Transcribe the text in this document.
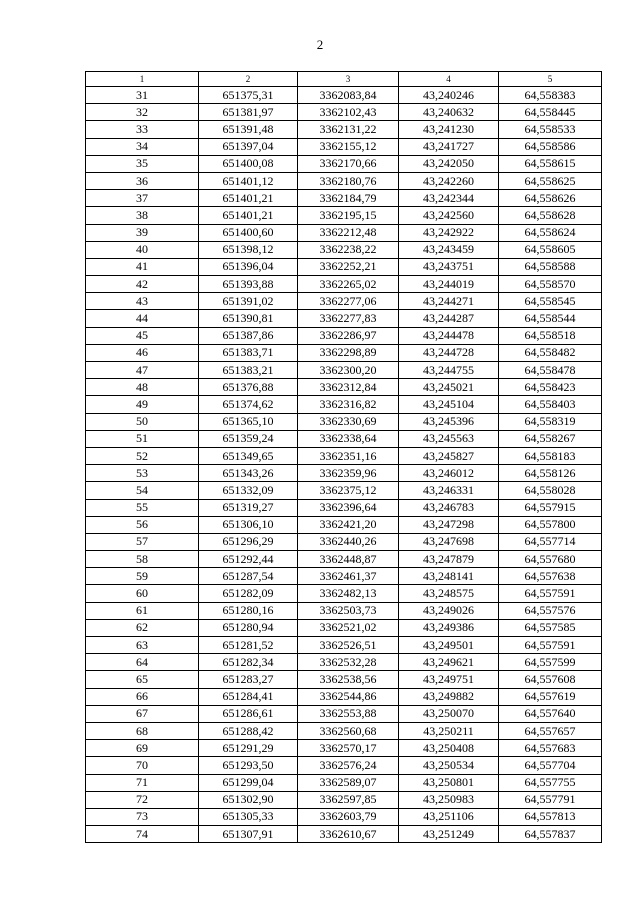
2
1	2	3	4	5
31	651375,31	3362083,84	43,240246	64,558383
32	651381,97	3362102,43	43,240632	64,558445
33	651391,48	3362131,22	43,241230	64,558533
34	651397,04	3362155,12	43,241727	64,558586
35	651400,08	3362170,66	43,242050	64,558615
36	651401,12	3362180,76	43,242260	64,558625
37	651401,21	3362184,79	43,242344	64,558626
38	651401,21	3362195,15	43,242560	64,558628
39	651400,60	3362212,48	43,242922	64,558624
40	651398,12	3362238,22	43,243459	64,558605
41	651396,04	3362252,21	43,243751	64,558588
42	651393,88	3362265,02	43,244019	64,558570
43	651391,02	3362277,06	43,244271	64,558545
44	651390,81	3362277,83	43,244287	64,558544
45	651387,86	3362286,97	43,244478	64,558518
46	651383,71	3362298,89	43,244728	64,558482
47	651383,21	3362300,20	43,244755	64,558478
48	651376,88	3362312,84	43,245021	64,558423
49	651374,62	3362316,82	43,245104	64,558403
50	651365,10	3362330,69	43,245396	64,558319
51	651359,24	3362338,64	43,245563	64,558267
52	651349,65	3362351,16	43,245827	64,558183
53	651343,26	3362359,96	43,246012	64,558126
54	651332,09	3362375,12	43,246331	64,558028
55	651319,27	3362396,64	43,246783	64,557915
56	651306,10	3362421,20	43,247298	64,557800
57	651296,29	3362440,26	43,247698	64,557714
58	651292,44	3362448,87	43,247879	64,557680
59	651287,54	3362461,37	43,248141	64,557638
60	651282,09	3362482,13	43,248575	64,557591
61	651280,16	3362503,73	43,249026	64,557576
62	651280,94	3362521,02	43,249386	64,557585
63	651281,52	3362526,51	43,249501	64,557591
64	651282,34	3362532,28	43,249621	64,557599
65	651283,27	3362538,56	43,249751	64,557608
66	651284,41	3362544,86	43,249882	64,557619
67	651286,61	3362553,88	43,250070	64,557640
68	651288,42	3362560,68	43,250211	64,557657
69	651291,29	3362570,17	43,250408	64,557683
70	651293,50	3362576,24	43,250534	64,557704
71	651299,04	3362589,07	43,250801	64,557755
72	651302,90	3362597,85	43,250983	64,557791
73	651305,33	3362603,79	43,251106	64,557813
74	651307,91	3362610,67	43,251249	64,557837
